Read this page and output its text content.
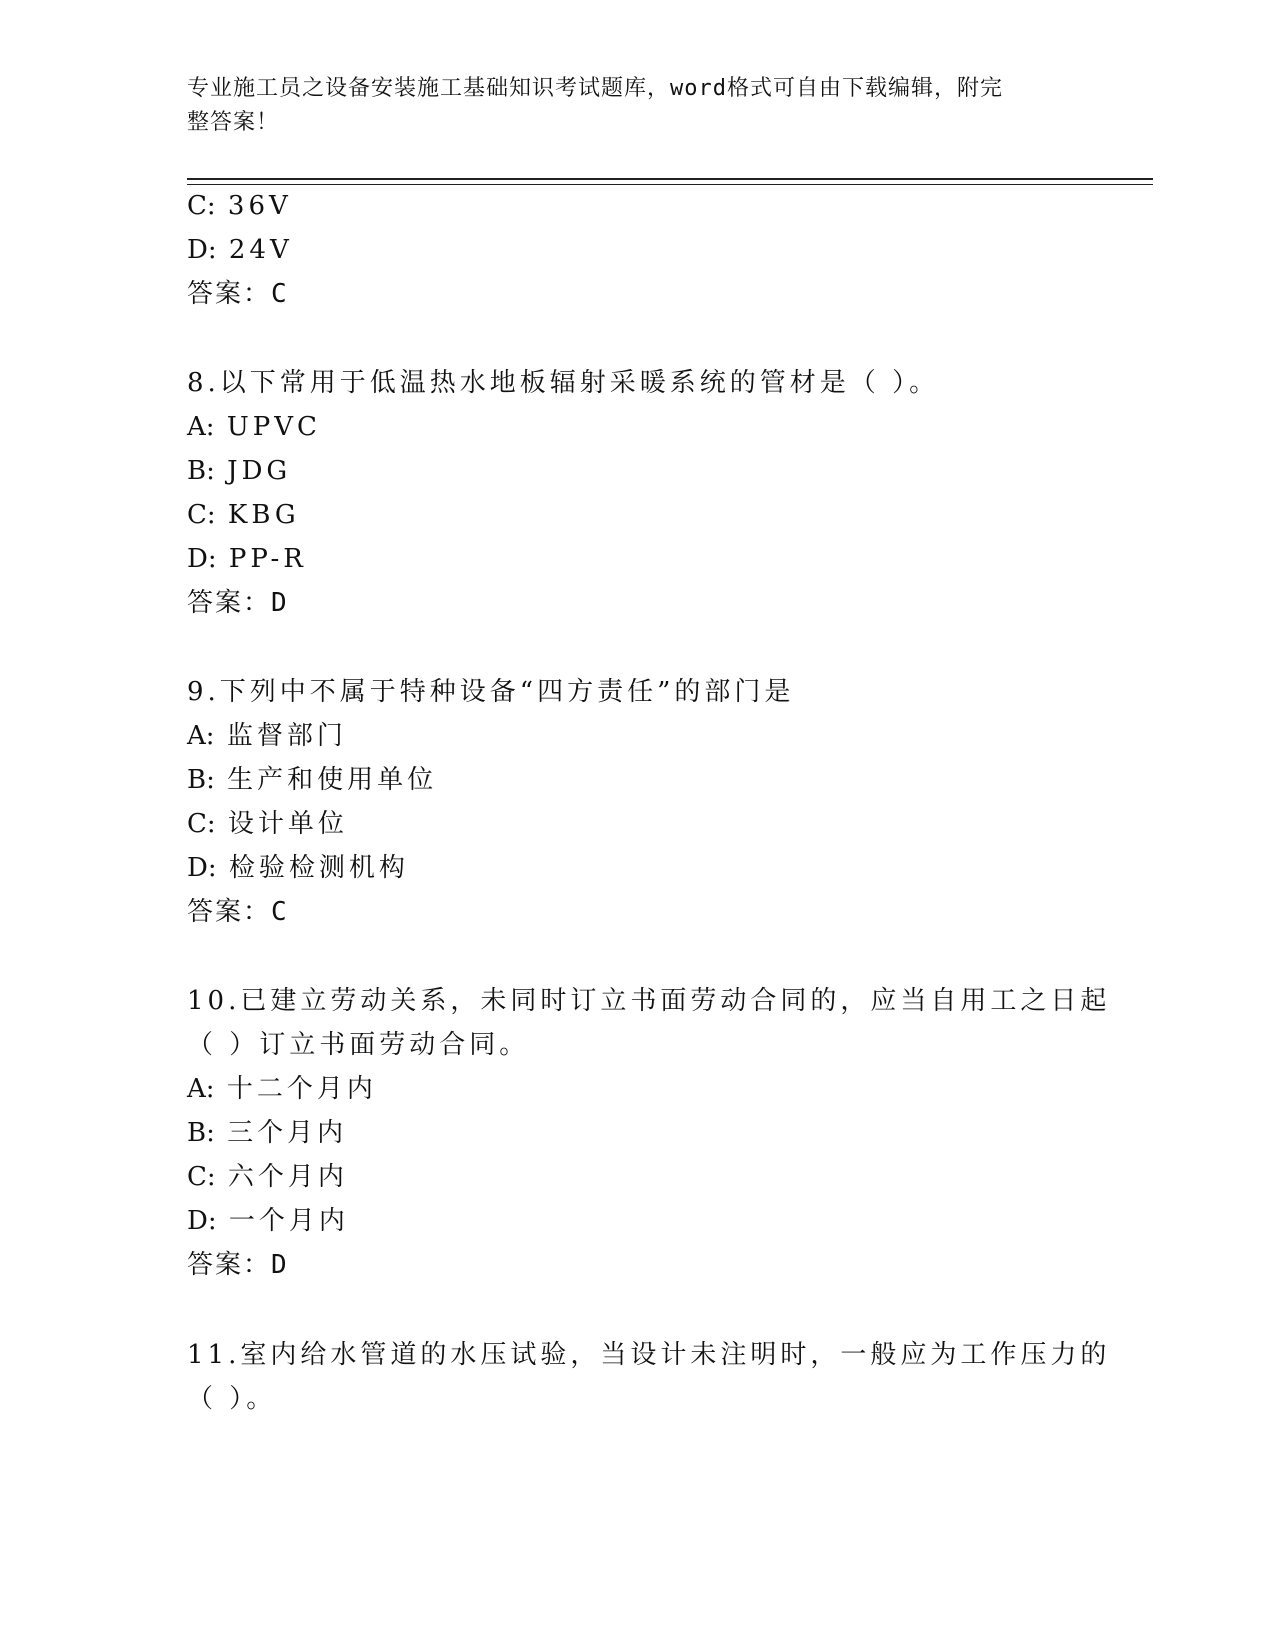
专业施工员之设备安装施工基础知识考试题库，word格式可自由下载编辑，附完
整答案！
C: 36V
D: 24V
答案：C
8.以下常用于低温热水地板辐射采暖系统的管材是（ ）。
A: UPVC
B: JDG
C: KBG
D: PP-R
答案：D
9.下列中不属于特种设备“四方责任”的部门是
A: 监督部门
B: 生产和使用单位
C: 设计单位
D: 检验检测机构
答案：C
10.已建立劳动关系，未同时订立书面劳动合同的，应当自用工之日起
（ ）订立书面劳动合同。
A: 十二个月内
B: 三个月内
C: 六个月内
D: 一个月内
答案：D
11.室内给水管道的水压试验，当设计未注明时，一般应为工作压力的
（ ）。
